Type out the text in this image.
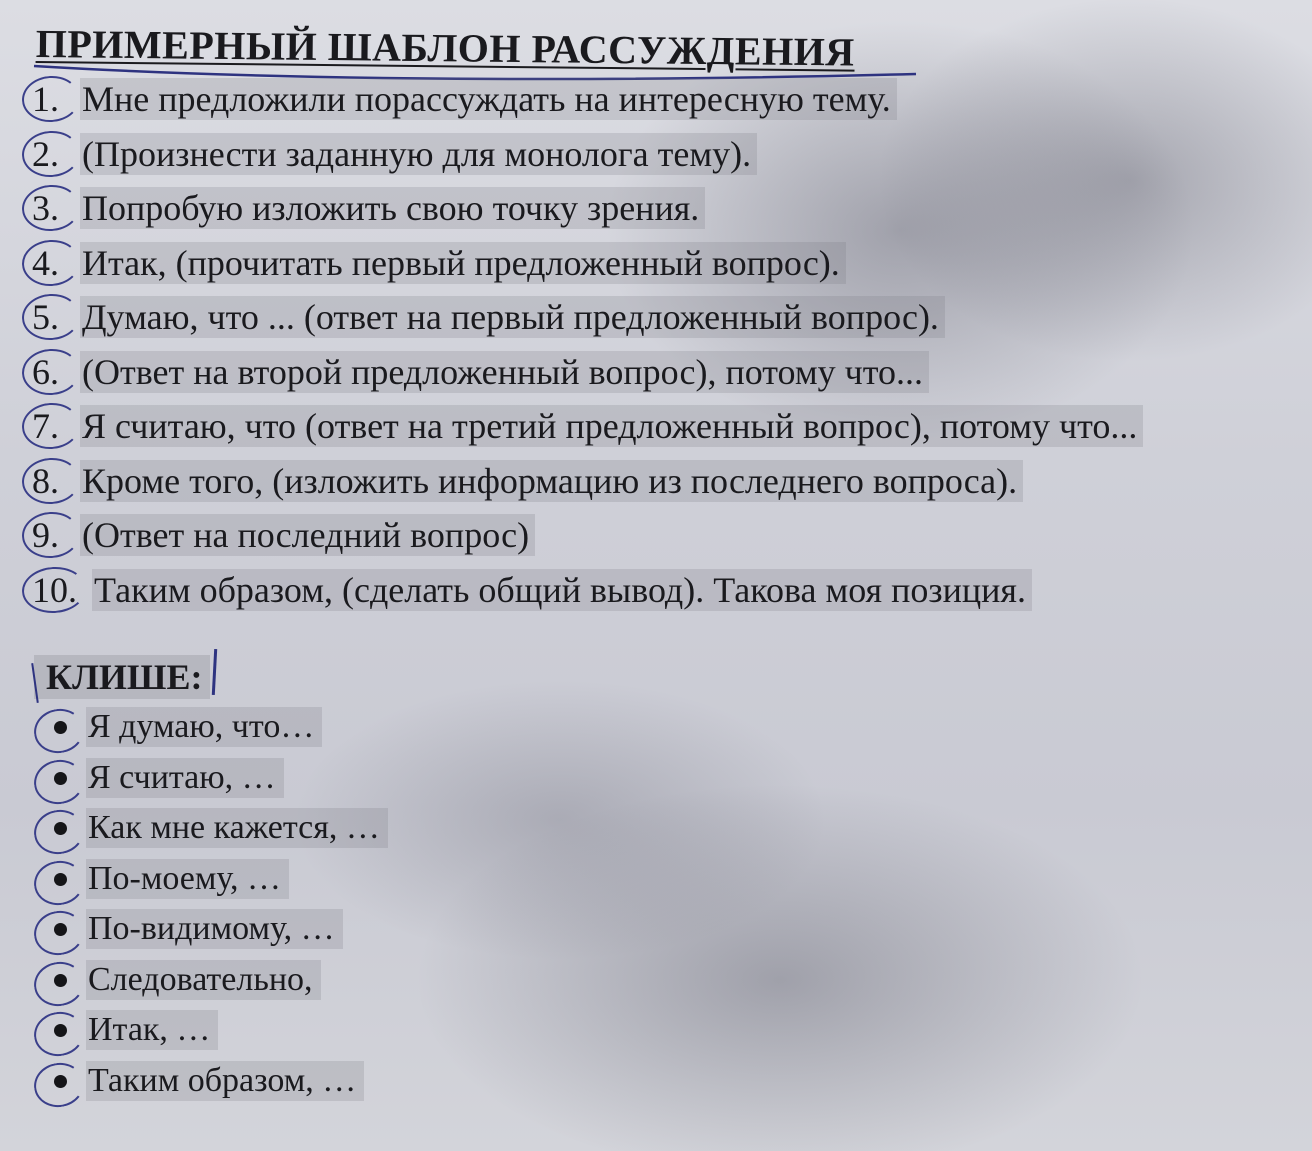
ПРИМЕРНЫЙ ШАБЛОН РАССУЖДЕНИЯ
1. Мне предложили порассуждать на интересную тему.
2. (Произнести заданную для монолога тему).
3. Попробую изложить свою точку зрения.
4. Итак, (прочитать первый предложенный вопрос).
5. Думаю, что ... (ответ на первый предложенный вопрос).
6. (Ответ на второй предложенный вопрос), потому что...
7. Я считаю, что (ответ на третий предложенный вопрос), потому что...
8. Кроме того, (изложить информацию из последнего вопроса).
9. (Ответ на последний вопрос)
10. Таким образом, (сделать общий вывод). Такова моя позиция.
КЛИШЕ:
Я думаю, что…
Я считаю, …
Как мне кажется, …
По-моему, …
По-видимому, …
Следовательно,
Итак, …
Таким образом, …
